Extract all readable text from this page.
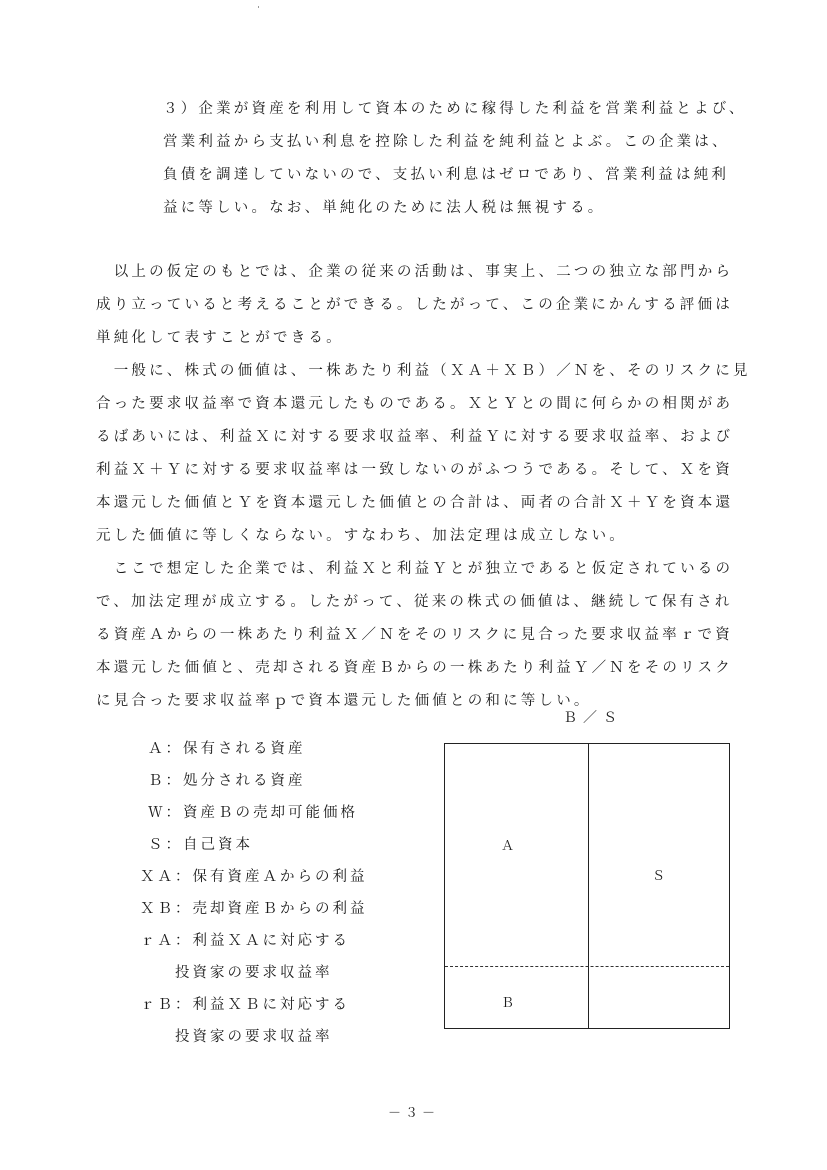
３）企業が資産を利用して資本のために稼得した利益を営業利益とよび、
営業利益から支払い利息を控除した利益を純利益とよぶ。この企業は、
負債を調達していないので、支払い利息はゼロであり、営業利益は純利
益に等しい。なお、単純化のために法人税は無視する。
　以上の仮定のもとでは、企業の従来の活動は、事実上、二つの独立な部門から
成り立っていると考えることができる。したがって、この企業にかんする評価は
単純化して表すことができる。
　一般に、株式の価値は、一株あたり利益（ＸＡ＋ＸＢ）／Ｎを、そのリスクに見
合った要求収益率で資本還元したものである。ＸとＹとの間に何らかの相関があ
るばあいには、利益Ｘに対する要求収益率、利益Ｙに対する要求収益率、および
利益Ｘ＋Ｙに対する要求収益率は一致しないのがふつうである。そして、Ｘを資
本還元した価値とＹを資本還元した価値との合計は、両者の合計Ｘ＋Ｙを資本還
元した価値に等しくならない。すなわち、加法定理は成立しない。
　ここで想定した企業では、利益Ｘと利益Ｙとが独立であると仮定されているの
で、加法定理が成立する。したがって、従来の株式の価値は、継続して保有され
る資産Ａからの一株あたり利益Ｘ／Ｎをそのリスクに見合った要求収益率ｒで資
本還元した価値と、売却される資産Ｂからの一株あたり利益Ｙ／Ｎをそのリスク
に見合った要求収益率ｐで資本還元した価値との和に等しい。
Ａ：保有される資産
Ｂ：処分される資産
Ｗ：資産Ｂの売却可能価格
Ｓ：自己資本
ＸＡ：保有資産Ａからの利益
ＸＢ：売却資産Ｂからの利益
ｒＡ：利益ＸＡに対応する
　　投資家の要求収益率
ｒＢ：利益ＸＢに対応する
　　投資家の要求収益率
Ｂ／Ｓ
Ａ
Ｓ
Ｂ
－３－
